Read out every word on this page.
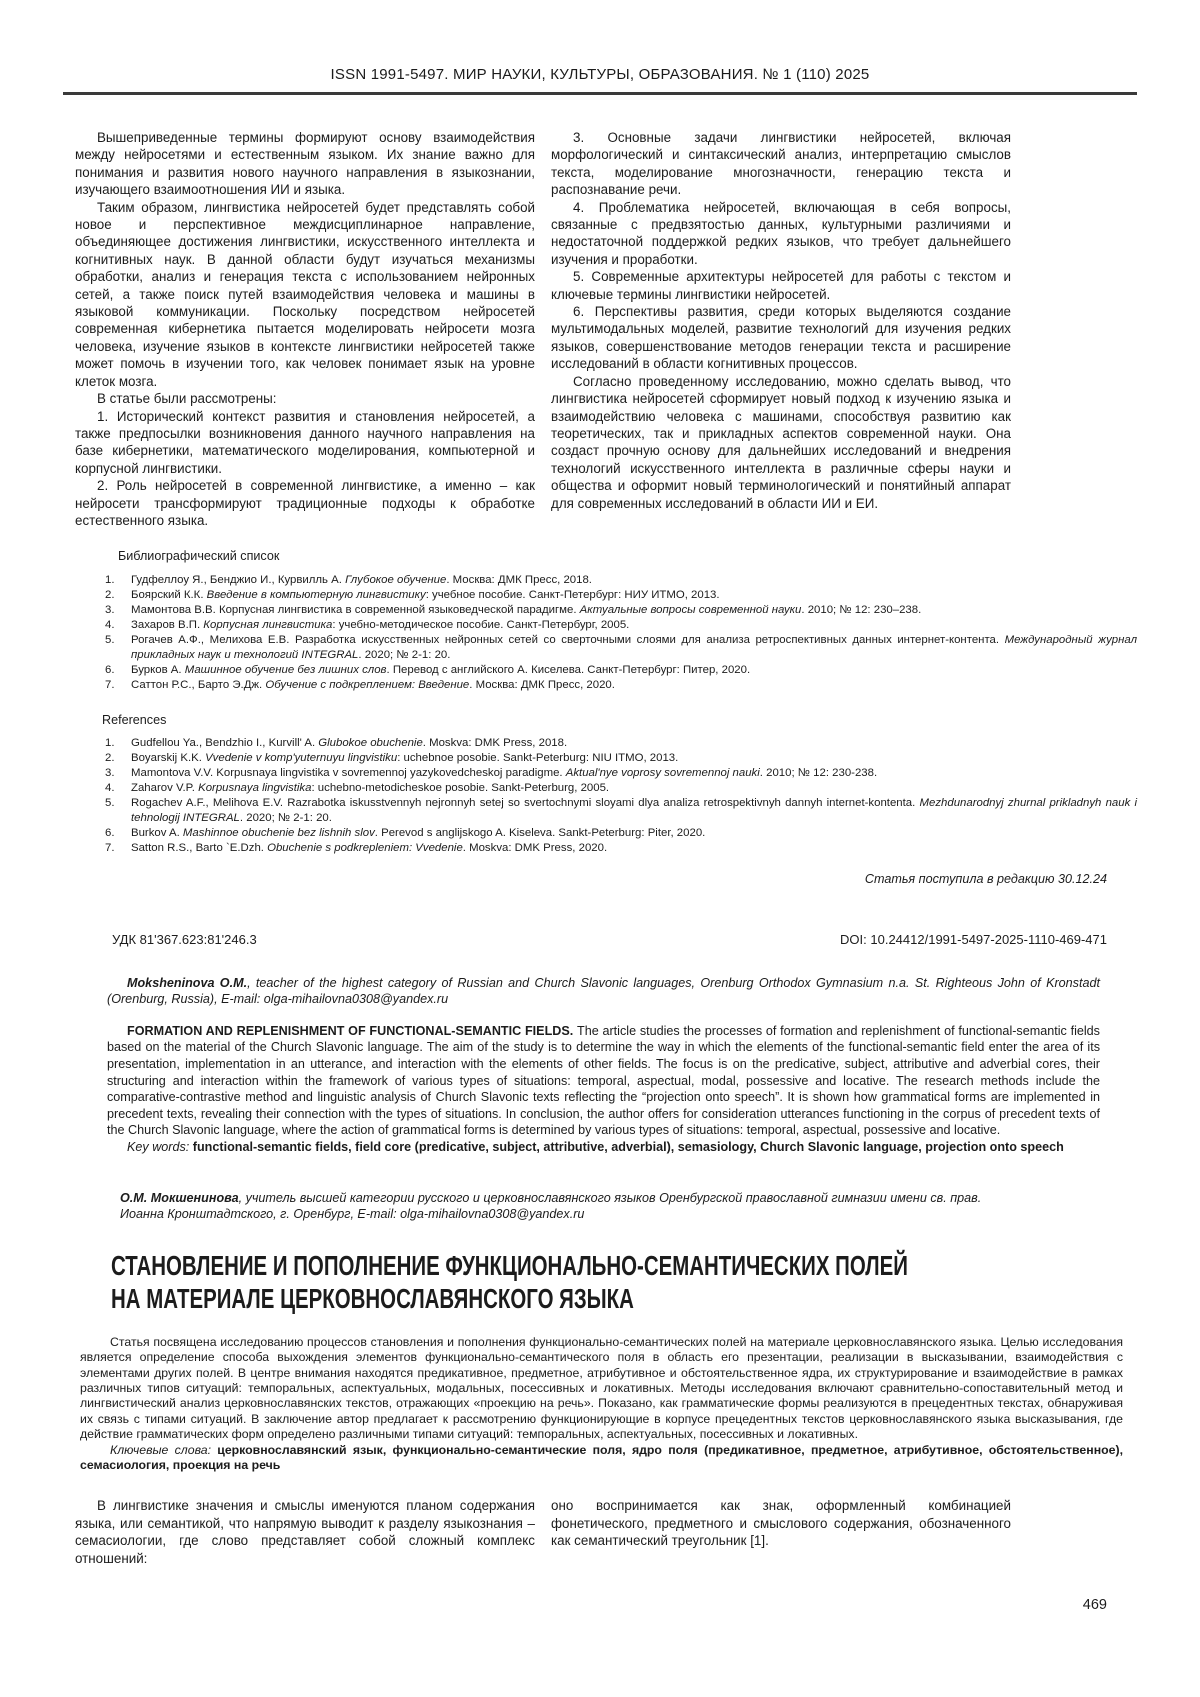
ISSN 1991-5497. МИР НАУКИ, КУЛЬТУРЫ, ОБРАЗОВАНИЯ. № 1 (110) 2025

Вышеприведенные термины формируют основу взаимодействия между нейросетями и естественным языком. Их знание важно для понимания и развития нового научного направления в языкознании, изучающего взаимоотношения ИИ и языка.

Таким образом, лингвистика нейросетей будет представлять собой новое и перспективное междисциплинарное направление, объединяющее достижения лингвистики, искусственного интеллекта и когнитивных наук. В данной области будут изучаться механизмы обработки, анализ и генерация текста с использованием нейронных сетей, а также поиск путей взаимодействия человека и машины в языковой коммуникации. Поскольку посредством нейросетей современная кибернетика пытается моделировать нейросети мозга человека, изучение языков в контексте лингвистики нейросетей также может помочь в изучении того, как человек понимает язык на уровне клеток мозга.

В статье были рассмотрены:

1. Исторический контекст развития и становления нейросетей, а также предпосылки возникновения данного научного направления на базе кибернетики, математического моделирования, компьютерной и корпусной лингвистики.

2. Роль нейросетей в современной лингвистике, а именно – как нейросети трансформируют традиционные подходы к обработке естественного языка.

3. Основные задачи лингвистики нейросетей, включая морфологический и синтаксический анализ, интерпретацию смыслов текста, моделирование многозначности, генерацию текста и распознавание речи.

4. Проблематика нейросетей, включающая в себя вопросы, связанные с предвзятостью данных, культурными различиями и недостаточной поддержкой редких языков, что требует дальнейшего изучения и проработки.

5. Современные архитектуры нейросетей для работы с текстом и ключевые термины лингвистики нейросетей.

6. Перспективы развития, среди которых выделяются создание мультимодальных моделей, развитие технологий для изучения редких языков, совершенствование методов генерации текста и расширение исследований в области когнитивных процессов.

Согласно проведенному исследованию, можно сделать вывод, что лингвистика нейросетей сформирует новый подход к изучению языка и взаимодействию человека с машинами, способствуя развитию как теоретических, так и прикладных аспектов современной науки. Она создаст прочную основу для дальнейших исследований и внедрения технологий искусственного интеллекта в различные сферы науки и общества и оформит новый терминологический и понятийный аппарат для современных исследований в области ИИ и ЕИ.

Библиографический список
1.	Гудфеллоу Я., Бенджио И., Курвилль А. Глубокое обучение. Москва: ДМК Пресс, 2018.
2.	Боярский К.К. Введение в компьютерную лингвистику: учебное пособие. Санкт-Петербург: НИУ ИТМО, 2013.
3.	Мамонтова В.В. Корпусная лингвистика в современной языковедческой парадигме. Актуальные вопросы современной науки. 2010; № 12: 230–238.
4.	Захаров В.П. Корпусная лингвистика: учебно-методическое пособие. Санкт-Петербург, 2005.
5.	Рогачев А.Ф., Мелихова Е.В. Разработка искусственных нейронных сетей со сверточными слоями для анализа ретроспективных данных интернет-контента. Международный журнал прикладных наук и технологий INTEGRAL. 2020; № 2-1: 20.
6.	Бурков А. Машинное обучение без лишних слов. Перевод с английского А. Киселева. Санкт-Петербург: Питер, 2020.
7.	Саттон Р.С., Барто Э.Дж. Обучение с подкреплением: Введение. Москва: ДМК Пресс, 2020.
References
1.	Gudfellou Ya., Bendzhio I., Kurvill' A. Glubokoe obuchenie. Moskva: DMK Press, 2018.
2.	Boyarskij K.K. Vvedenie v komp'yuternuyu lingvistiku: uchebnoe posobie. Sankt-Peterburg: NIU ITMO, 2013.
3.	Mamontova V.V. Korpusnaya lingvistika v sovremennoj yazykovedcheskoj paradigme. Aktual'nye voprosy sovremennoj nauki. 2010; № 12: 230-238.
4.	Zaharov V.P. Korpusnaya lingvistika: uchebno-metodicheskoe posobie. Sankt-Peterburg, 2005.
5.	Rogachev A.F., Melihova E.V. Razrabotka iskusstvennyh nejronnyh setej so svertochnymi sloyami dlya analiza retrospektivnyh dannyh internet-kontenta. Mezhdunarodnyj zhurnal prikladnyh nauk i tehnologij INTEGRAL. 2020; № 2-1: 20.
6.	Burkov A. Mashinnoe obuchenie bez lishnih slov. Perevod s anglijskogo A. Kiseleva. Sankt-Peterburg: Piter, 2020.
7.	Satton R.S., Barto `E.Dzh. Obuchenie s podkrepleniem: Vvedenie. Moskva: DMK Press, 2020.
Статья поступила в редакцию 30.12.24
УДК 81'367.623:81'246.3	DOI: 10.24412/1991-5497-2025-1110-469-471

Moksheninova O.M., teacher of the highest category of Russian and Church Slavonic languages, Orenburg Orthodox Gymnasium n.a. St. Righteous John of Kronstadt (Orenburg, Russia), E-mail: olga-mihailovna0308@yandex.ru

FORMATION AND REPLENISHMENT OF FUNCTIONAL-SEMANTIC FIELDS. The article studies the processes of formation and replenishment of functional-semantic fields based on the material of the Church Slavonic language. The aim of the study is to determine the way in which the elements of the functional-semantic field enter the area of its presentation, implementation in an utterance, and interaction with the elements of other fields. The focus is on the predicative, subject, attributive and adverbial cores, their structuring and interaction within the framework of various types of situations: temporal, aspectual, modal, possessive and locative. The research methods include the comparative-contrastive method and linguistic analysis of Church Slavonic texts reflecting the “projection onto speech”. It is shown how grammatical forms are implemented in precedent texts, revealing their connection with the types of situations. In conclusion, the author offers for consideration utterances functioning in the corpus of precedent texts of the Church Slavonic language, where the action of grammatical forms is determined by various types of situations: temporal, aspectual, possessive and locative.

Key words: functional-semantic fields, field core (predicative, subject, attributive, adverbial), semasiology, Church Slavonic language, projection onto speech

О.М. Мокшенинова, учитель высшей категории русского и церковнославянского языков Оренбургской православной гимназии имени св. прав. Иоанна Кронштадтского, г. Оренбург, E-mail: olga-mihailovna0308@yandex.ru

СТАНОВЛЕНИЕ И ПОПОЛНЕНИЕ ФУНКЦИОНАЛЬНО-СЕМАНТИЧЕСКИХ ПОЛЕЙ
НА МАТЕРИАЛЕ ЦЕРКОВНОСЛАВЯНСКОГО ЯЗЫКА

Статья посвящена исследованию процессов становления и пополнения функционально-семантических полей на материале церковнославянского языка. Целью исследования является определение способа выхождения элементов функционально-семантического поля в область его презентации, реализации в высказывании, взаимодействия с элементами других полей. В центре внимания находятся предикативное, предметное, атрибутивное и обстоятельственное ядра, их структурирование и взаимодействие в рамках различных типов ситуаций: темпоральных, аспектуальных, модальных, посессивных и локативных. Методы исследования включают сравнительно-сопоставительный метод и лингвистический анализ церковнославянских текстов, отражающих «проекцию на речь». Показано, как грамматические формы реализуются в прецедентных текстах, обнаруживая их связь с типами ситуаций. В заключение автор предлагает к рассмотрению функционирующие в корпусе прецедентных текстов церковнославянского языка высказывания, где действие грамматических форм определено различными типами ситуаций: темпоральных, аспектуальных, посессивных и локативных.

Ключевые слова: церковнославянский язык, функционально-семантические поля, ядро поля (предикативное, предметное, атрибутивное, обстоятельственное), семасиология, проекция на речь

В лингвистике значения и смыслы именуются планом содержания языка, или семантикой, что напрямую выводит к разделу языкознания – семасиологии, где слово представляет собой сложный комплекс отношений:

оно воспринимается как знак, оформленный комбинацией фонетического, предметного и смыслового содержания, обозначенного как семантический треугольник [1].

469
